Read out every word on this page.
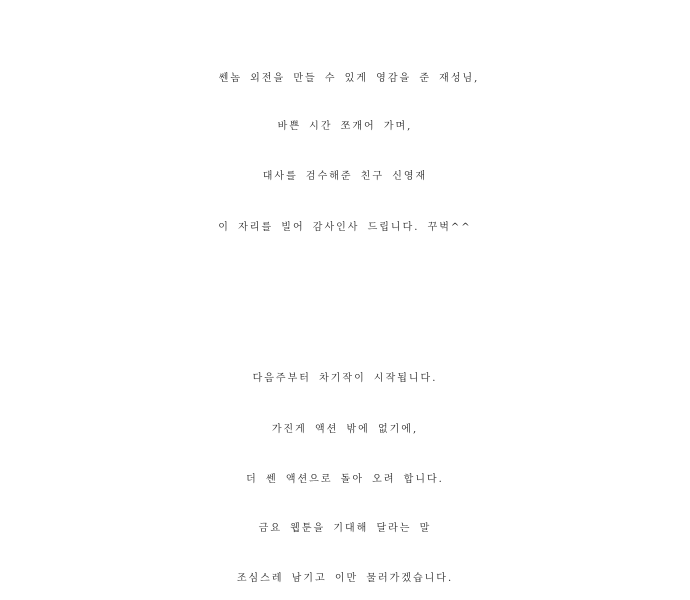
쎈놈 외전을 만들 수 있게 영감을 준 재성님,
바쁜 시간 쪼개어 가며,
대사를 검수해준 친구 신영재
이 자리를 빌어 감사인사 드립니다. 꾸벅^^
다음주부터 차기작이 시작됩니다.
가진게 액션 밖에 없기에,
더 쎈 액션으로 돌아 오려 합니다.
금요 웹툰을 기대해 달라는 말
조심스레 남기고 이만 물러가겠습니다.
